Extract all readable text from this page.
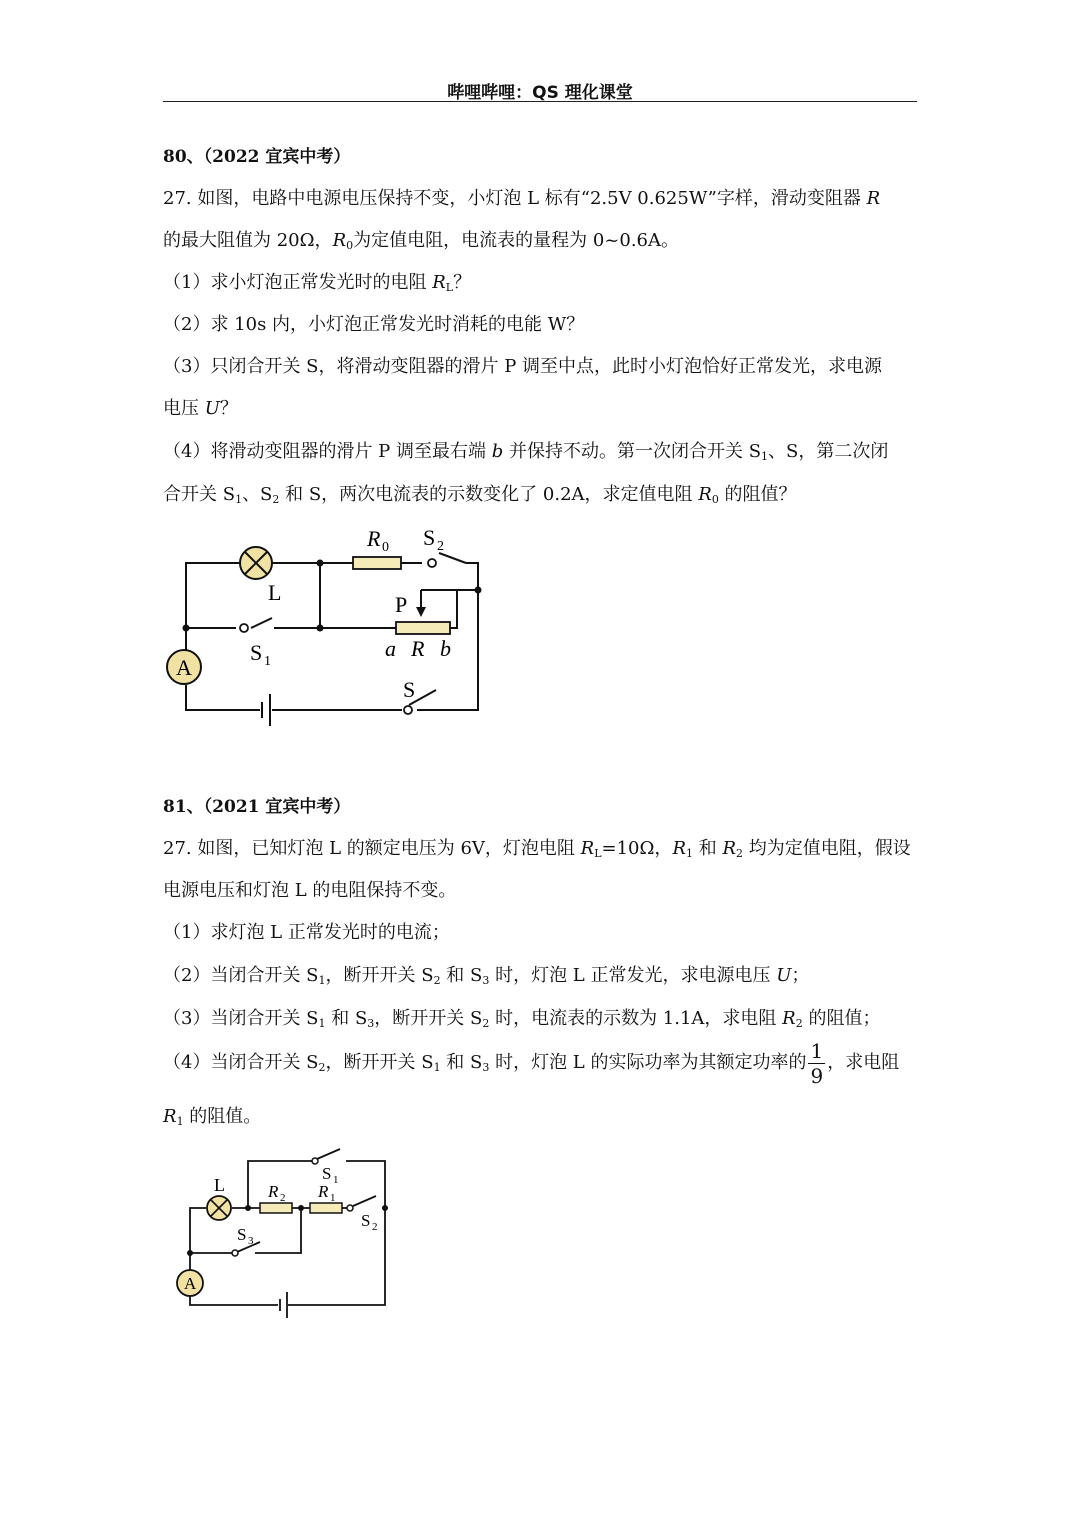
哔哩哔哩：QS 理化课堂
80、（2022 宜宾中考）
27. 如图，电路中电源电压保持不变，小灯泡 L 标有“2.5V 0.625W”字样，滑动变阻器 R
的最大阻值为 20Ω，$R_0$为定值电阻，电流表的量程为 0~0.6A。
（1）求小灯泡正常发光时的电阻 $R_L$？
（2）求 10s 内，小灯泡正常发光时消耗的电能 W？
（3）只闭合开关 S，将滑动变阻器的滑片 P 调至中点，此时小灯泡恰好正常发光，求电源
电压 U？
（4）将滑动变阻器的滑片 P 调至最右端 b 并保持不动。第一次闭合开关 $S_1$、S，第二次闭
合开关 $S_1$、$S_2$ 和 S，两次电流表的示数变化了 0.2A，求定值电阻 $R_0$ 的阻值？
R 0 S 2
L	P
S 1
a R b
A
S
81、（2021 宜宾中考）
27. 如图，已知灯泡 L 的额定电压为 6V，灯泡电阻 $R_L=10\Omega$，$R_1$ 和 $R_2$ 均为定值电阻，假设
电源电压和灯泡 L 的电阻保持不变。
（1）求灯泡 L 正常发光时的电流；
（2）当闭合开关 $S_1$，断开开关 $S_2$ 和 $S_3$ 时，灯泡 L 正常发光，求电源电压 U；
（3）当闭合开关 $S_1$ 和 $S_3$，断开开关 $S_2$ 时，电流表的示数为 1.1A，求电阻 $R_2$ 的阻值；
（4）当闭合开关 $S_2$，断开开关 $S_1$ 和 $S_3$ 时，灯泡 L 的实际功率为其额定功率的 $\frac{1}{9}$ ，求电阻
$R_1$ 的阻值。
L
S 1
R 2 R 1
S 2
S 3
A
